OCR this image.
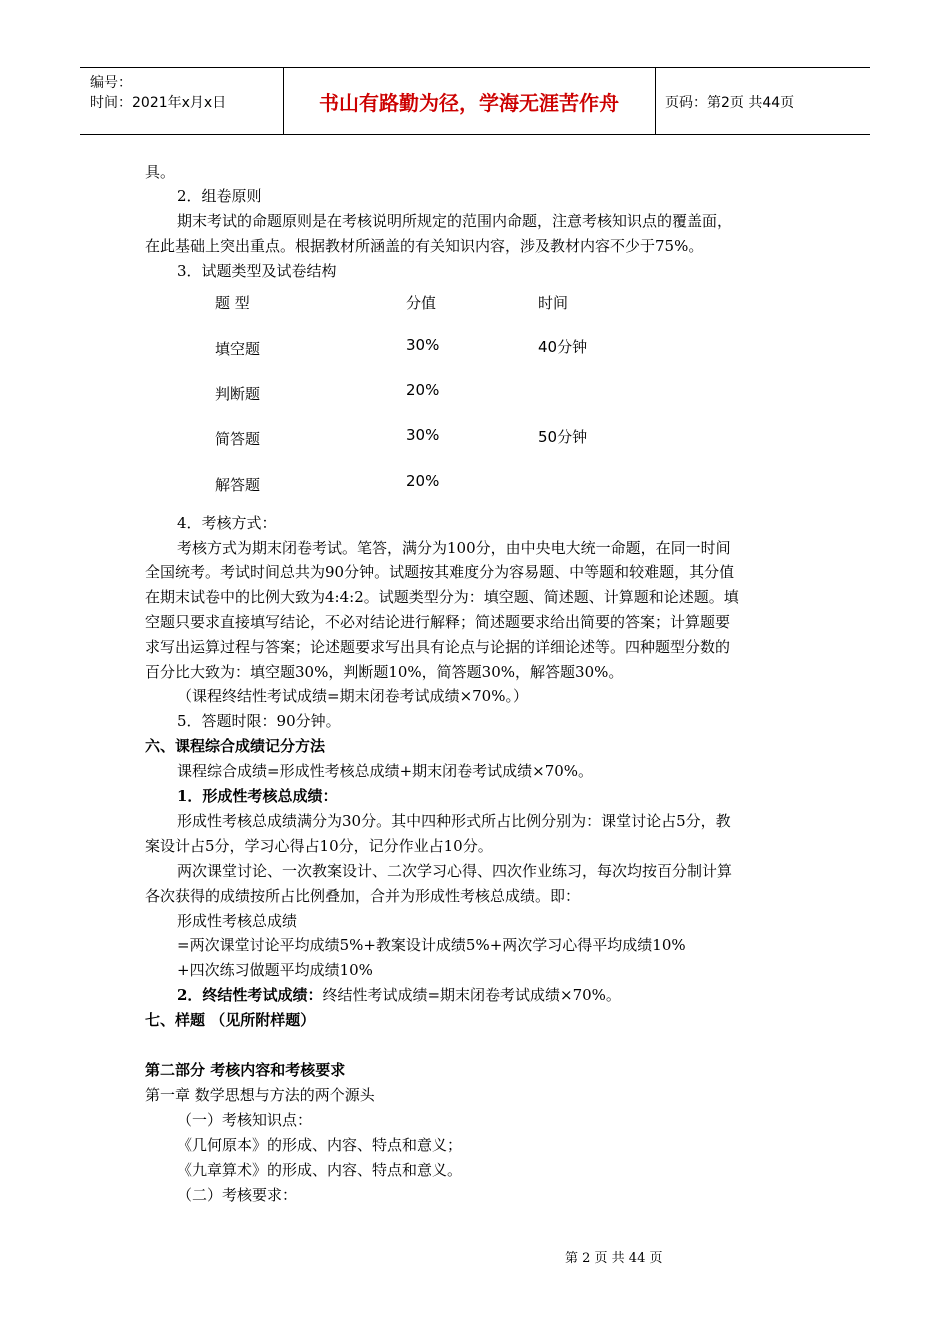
编号：
时间：2021年x月x日	书山有路勤为径，学海无涯苦作舟	页码：第2页 共44页
具。
2．组卷原则
期末考试的命题原则是在考核说明所规定的范围内命题，注意考核知识点的覆盖面，
在此基础上突出重点。根据教材所涵盖的有关知识内容，涉及教材内容不少于75%。
3．试题类型及试卷结构
题 型	分值	时间
填空题	30%	40分钟
判断题	20%
简答题	30%	50分钟
解答题	20%
4．考核方式：
考核方式为期末闭卷考试。笔答，满分为100分，由中央电大统一命题，在同一时间
全国统考。考试时间总共为90分钟。试题按其难度分为容易题、中等题和较难题，其分值
在期末试卷中的比例大致为4:4:2。试题类型分为：填空题、简述题、计算题和论述题。填
空题只要求直接填写结论，不必对结论进行解释；简述题要求给出简要的答案；计算题要
求写出运算过程与答案；论述题要求写出具有论点与论据的详细论述等。四种题型分数的
百分比大致为：填空题30%，判断题10%，简答题30%，解答题30%。
（课程终结性考试成绩=期末闭卷考试成绩×70%。）
5．答题时限：90分钟。
六、课程综合成绩记分方法
课程综合成绩=形成性考核总成绩+期末闭卷考试成绩×70%。
1．形成性考核总成绩：
形成性考核总成绩满分为30分。其中四种形式所占比例分别为：课堂讨论占5分，教
案设计占5分，学习心得占10分，记分作业占10分。
两次课堂讨论、一次教案设计、二次学习心得、四次作业练习，每次均按百分制计算
各次获得的成绩按所占比例叠加，合并为形成性考核总成绩。即：
形成性考核总成绩
=两次课堂讨论平均成绩5%+教案设计成绩5%+两次学习心得平均成绩10%
+四次练习做题平均成绩10%
2．终结性考试成绩：终结性考试成绩=期末闭卷考试成绩×70%。
七、样题 （见所附样题）
第二部分 考核内容和考核要求
第一章 数学思想与方法的两个源头
（一）考核知识点：
《几何原本》的形成、内容、特点和意义；
《九章算术》的形成、内容、特点和意义。
（二）考核要求：
第 2 页 共 44 页
